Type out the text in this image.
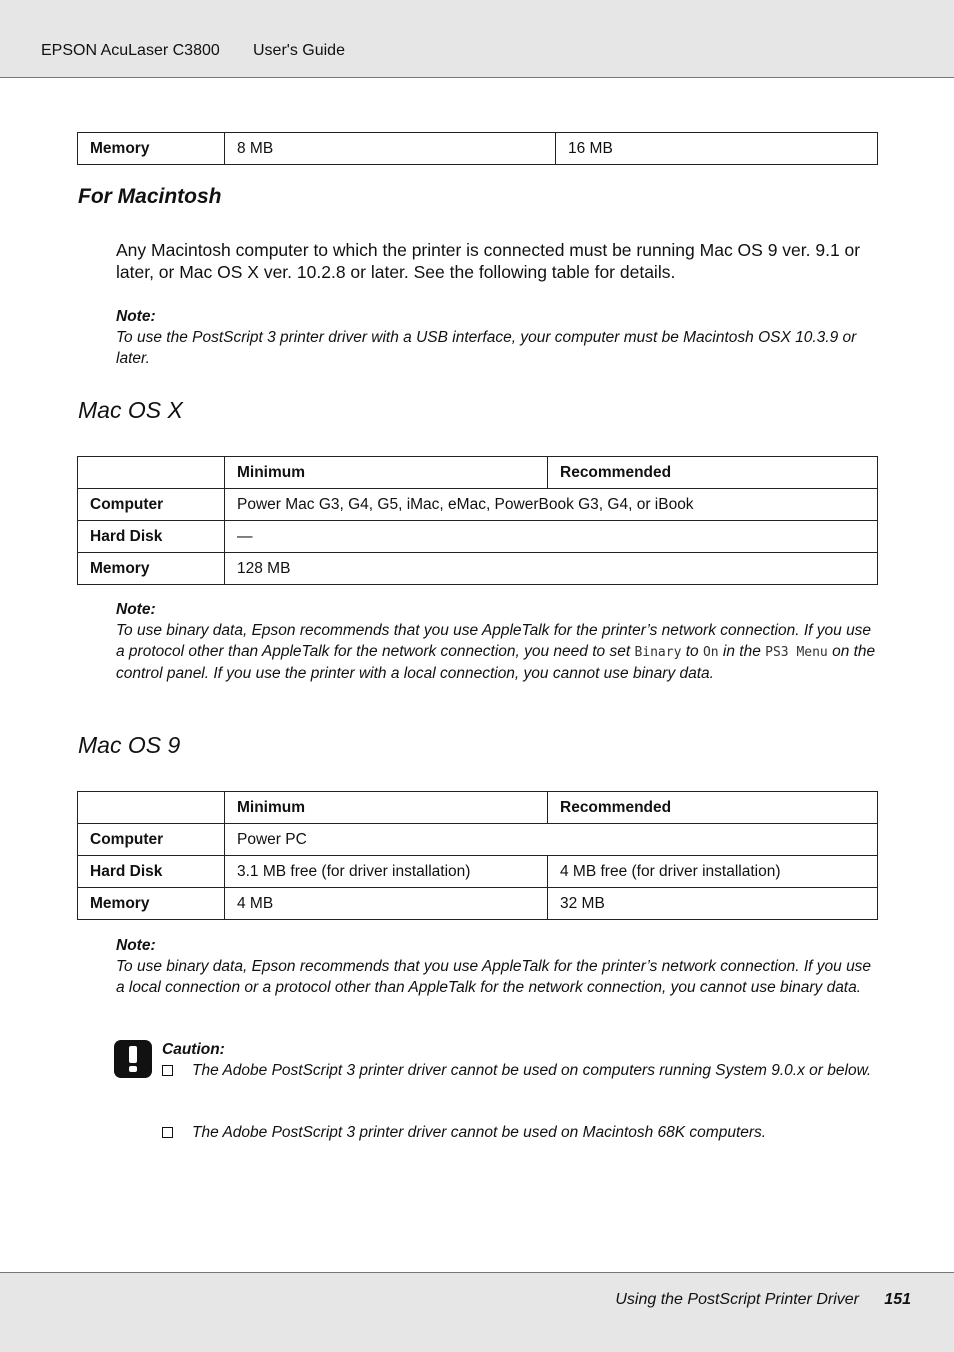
EPSON AcuLaser C3800 User's Guide
Memory	8 MB	16 MB
For Macintosh
Any Macintosh computer to which the printer is connected must be running Mac OS 9 ver. 9.1 or later, or Mac OS X ver. 10.2.8 or later. See the following table for details.
Note:
To use the PostScript 3 printer driver with a USB interface, your computer must be Macintosh OSX 10.3.9 or later.
Mac OS X
	Minimum	Recommended
Computer	Power Mac G3, G4, G5, iMac, eMac, PowerBook G3, G4, or iBook	
Hard Disk	—	
Memory	128 MB	
Note:
To use binary data, Epson recommends that you use AppleTalk for the printer’s network connection. If you use a protocol other than AppleTalk for the network connection, you need to set Binary to On in the PS3 Menu on the control panel. If you use the printer with a local connection, you cannot use binary data.
Mac OS 9
	Minimum	Recommended
Computer	Power PC	
Hard Disk	3.1 MB free (for driver installation)	4 MB free (for driver installation)
Memory	4 MB	32 MB
Note:
To use binary data, Epson recommends that you use AppleTalk for the printer’s network connection. If you use a local connection or a protocol other than AppleTalk for the network connection, you cannot use binary data.
Caution:
The Adobe PostScript 3 printer driver cannot be used on computers running System 9.0.x or below.
The Adobe PostScript 3 printer driver cannot be used on Macintosh 68K computers.
Using the PostScript Printer Driver 151
